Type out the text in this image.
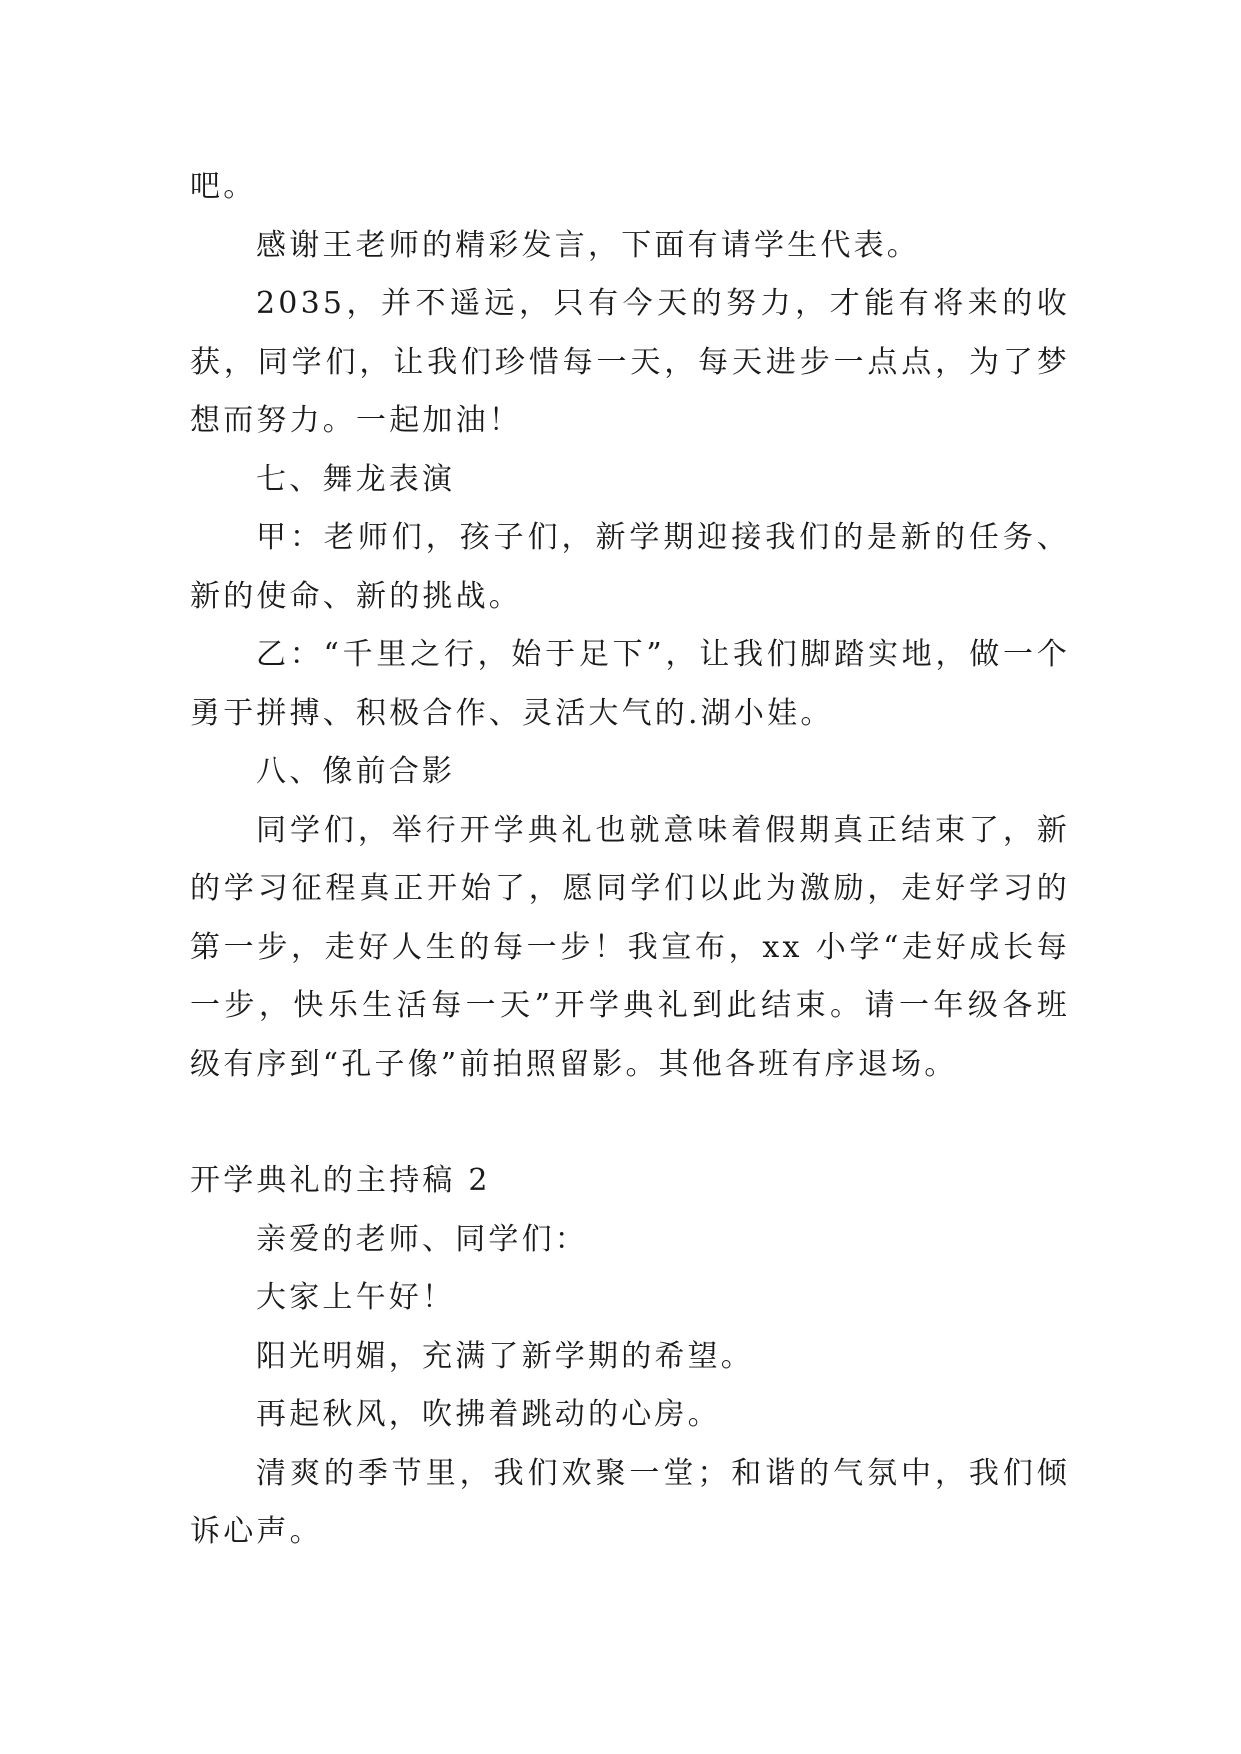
吧。

感谢王老师的精彩发言，下面有请学生代表。

2035，并不遥远，只有今天的努力，才能有将来的收获，同学们，让我们珍惜每一天，每天进步一点点，为了梦想而努力。一起加油！

七、舞龙表演

甲：老师们，孩子们，新学期迎接我们的是新的任务、新的使命、新的挑战。

乙：“千里之行，始于足下”，让我们脚踏实地，做一个勇于拼搏、积极合作、灵活大气的.湖小娃。

八、像前合影

同学们，举行开学典礼也就意味着假期真正结束了，新的学习征程真正开始了，愿同学们以此为激励，走好学习的第一步，走好人生的每一步！我宣布，xx 小学“走好成长每一步，快乐生活每一天”开学典礼到此结束。请一年级各班级有序到“孔子像”前拍照留影。其他各班有序退场。

开学典礼的主持稿 2

亲爱的老师、同学们：

大家上午好！

阳光明媚，充满了新学期的希望。

再起秋风，吹拂着跳动的心房。

清爽的季节里，我们欢聚一堂；和谐的气氛中，我们倾诉心声。
